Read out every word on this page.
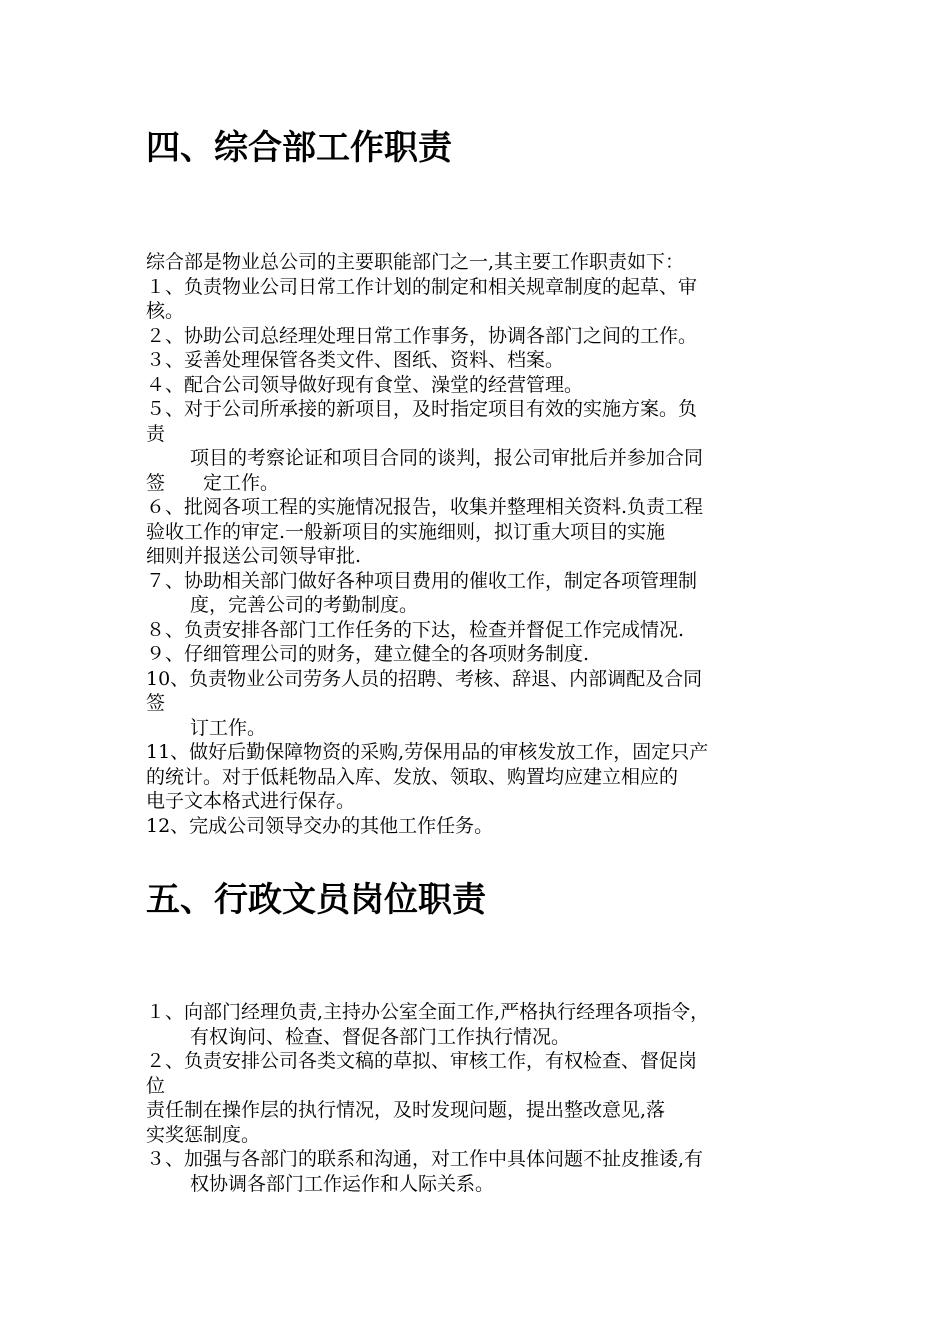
四、综合部工作职责
综合部是物业总公司的主要职能部门之一,其主要工作职责如下：
１、负责物业公司日常工作计划的制定和相关规章制度的起草、审
核。
２、协助公司总经理处理日常工作事务，协调各部门之间的工作。
３、妥善处理保管各类文件、图纸、资料、档案。
４、配合公司领导做好现有食堂、澡堂的经营管理。
５、对于公司所承接的新项目，及时指定项目有效的实施方案。负
责
项目的考察论证和项目合同的谈判，报公司审批后并参加合同
签　　定工作。
６、批阅各项工程的实施情况报告，收集并整理相关资料.负责工程
验收工作的审定.一般新项目的实施细则，拟订重大项目的实施
细则并报送公司领导审批.
７、协助相关部门做好各种项目费用的催收工作，制定各项管理制
度，完善公司的考勤制度。
８、负责安排各部门工作任务的下达，检查并督促工作完成情况.
９、仔细管理公司的财务，建立健全的各项财务制度.
10、负责物业公司劳务人员的招聘、考核、辞退、内部调配及合同
签
订工作。
11、做好后勤保障物资的采购,劳保用品的审核发放工作，固定只产
的统计。对于低耗物品入库、发放、领取、购置均应建立相应的
电子文本格式进行保存。
12、完成公司领导交办的其他工作任务。
五、行政文员岗位职责
１、向部门经理负责,主持办公室全面工作,严格执行经理各项指令，
有权询问、检查、督促各部门工作执行情况。
２、负责安排公司各类文稿的草拟、审核工作，有权检查、督促岗
位
责任制在操作层的执行情况，及时发现问题，提出整改意见,落
实奖惩制度。
３、加强与各部门的联系和沟通，对工作中具体问题不扯皮推诿,有
权协调各部门工作运作和人际关系。
